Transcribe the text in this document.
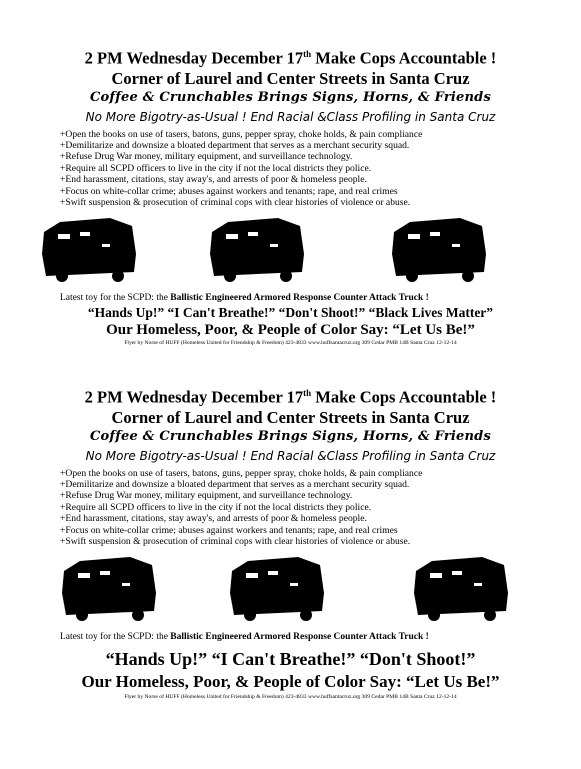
2 PM Wednesday December 17th Make Cops Accountable !
Corner of Laurel and Center Streets in Santa Cruz
Coffee & Crunchables Brings Signs, Horns, & Friends
No More Bigotry-as-Usual ! End Racial &Class Profiling in Santa Cruz
+Open the books on use of tasers, batons, guns, pepper spray, choke holds, & pain compliance
+Demilitarize and downsize a bloated department that serves as a merchant security squad.
+Refuse Drug War money, military equipment, and surveillance technology.
+Require all SCPD officers to live in the city if not the local districts they police.
+End harassment, citations, stay away's, and arrests of poor & homeless people.
+Focus on white-collar crime; abuses against workers and tenants; rape, and real crimes
+Swift suspension & prosecution of criminal cops with clear histories of violence or abuse.
Latest toy for the SCPD: the Ballistic Engineered Armored Response Counter Attack Truck !
“Hands Up!” “I Can't Breathe!” “Don't Shoot!” “Black Lives Matter”
Our Homeless, Poor, & People of Color Say: “Let Us Be!”
Flyer by Norse of HUFF (Homeless United for Friendship & Freedom) 423-4833 www.huffsantacruz.org 309 Cedar PMB 14B Santa Cruz 12-12-14
2 PM Wednesday December 17th Make Cops Accountable !
Corner of Laurel and Center Streets in Santa Cruz
Coffee & Crunchables Brings Signs, Horns, & Friends
No More Bigotry-as-Usual ! End Racial &Class Profiling in Santa Cruz
+Open the books on use of tasers, batons, guns, pepper spray, choke holds, & pain compliance
+Demilitarize and downsize a bloated department that serves as a merchant security squad.
+Refuse Drug War money, military equipment, and surveillance technology.
+Require all SCPD officers to live in the city if not the local districts they police.
+End harassment, citations, stay away's, and arrests of poor & homeless people.
+Focus on white-collar crime; abuses against workers and tenants; rape, and real crimes
+Swift suspension & prosecution of criminal cops with clear histories of violence or abuse.
Latest toy for the SCPD: the Ballistic Engineered Armored Response Counter Attack Truck !
“Hands Up!” “I Can't Breathe!” “Don't Shoot!”
Our Homeless, Poor, & People of Color Say: “Let Us Be!”
Flyer by Norse of HUFF (Homeless United for Friendship & Freedom) 423-4833 www.huffsantacruz.org 309 Cedar PMB 14B Santa Cruz 12-12-14
